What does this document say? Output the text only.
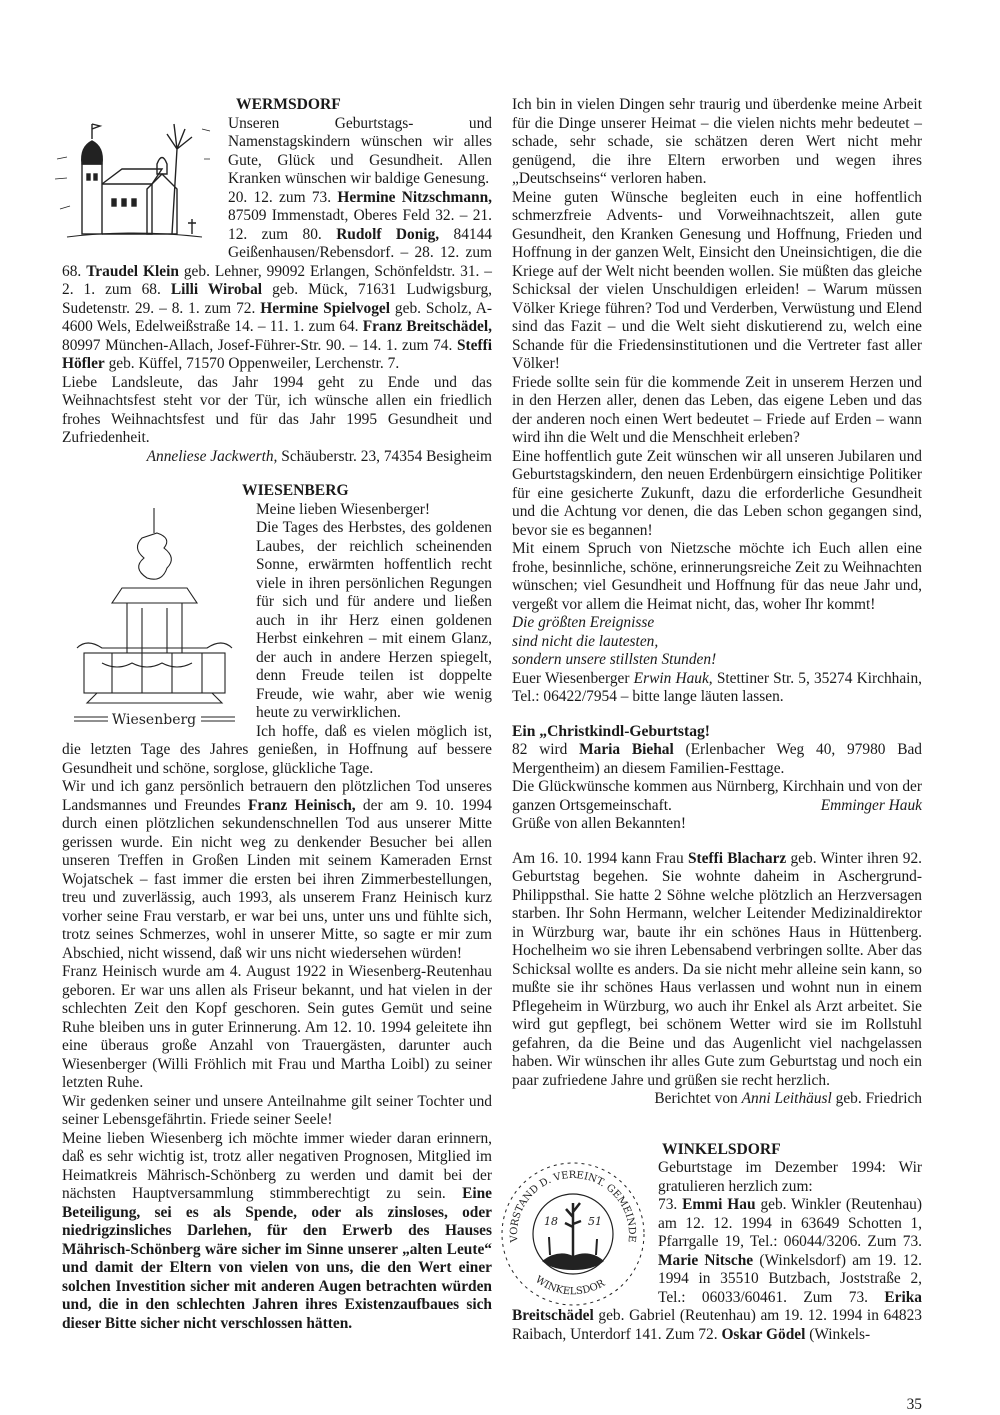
WERMSDORF

Unseren Geburtstags- und Namenstagskindern wünschen wir alles Gute, Glück und Gesundheit. Allen Kranken wünschen wir baldige Genesung.

20. 12. zum 73. Hermine Nitzschmann, 87509 Immenstadt, Oberes Feld 32. – 21. 12. zum 80. Rudolf Donig, 84144 Geißenhausen/Rebensdorf. – 28. 12. zum 68. Traudel Klein geb. Lehner, 99092 Erlangen, Schönfeldstr. 31. – 2. 1. zum 68. Lilli Wirobal geb. Mück, 71631 Ludwigsburg, Sudetenstr. 29. – 8. 1. zum 72. Hermine Spielvogel geb. Scholz, A-4600 Wels, Edelweißstraße 14. – 11. 1. zum 64. Franz Breitschädel, 80997 München-Allach, Josef-Führer-Str. 90. – 14. 1. zum 74. Steffi Höfler geb. Küffel, 71570 Oppenweiler, Lerchenstr. 7.

Liebe Landsleute, das Jahr 1994 geht zu Ende und das Weihnachtsfest steht vor der Tür, ich wünsche allen ein friedlich frohes Weihnachtsfest und für das Jahr 1995 Gesundheit und Zufriedenheit.

Anneliese Jackwerth, Schäuberstr. 23, 74354 Besigheim

WIESENBERG
Wiesenberg

Meine lieben Wiesenberger!

Die Tages des Herbstes, des goldenen Laubes, der reichlich scheinenden Sonne, erwärmten hoffentlich recht viele in ihren persönlichen Regungen für sich und für andere und ließen auch in ihr Herz einen goldenen Herbst einkehren – mit einem Glanz, der auch in andere Herzen spiegelt, denn Freude teilen ist doppelte Freude, wie wahr, aber wie wenig heute zu verwirklichen.

Ich hoffe, daß es vielen möglich ist, die letzten Tage des Jahres genießen, in Hoffnung auf bessere Gesundheit und schöne, sorglose, glückliche Tage.

Wir und ich ganz persönlich betrauern den plötzlichen Tod unseres Landsmannes und Freundes Franz Heinisch, der am 9. 10. 1994 durch einen plötzlichen sekundenschnellen Tod aus unserer Mitte gerissen wurde. Ein nicht weg zu denkender Besucher bei allen unseren Treffen in Großen Linden mit seinem Kameraden Ernst Wojatschek – fast immer die ersten bei ihren Zimmerbestellungen, treu und zuverlässig, auch 1993, als unserem Franz Heinisch kurz vorher seine Frau verstarb, er war bei uns, unter uns und fühlte sich, trotz seines Schmerzes, wohl in unserer Mitte, so sagte er mir zum Abschied, nicht wissend, daß wir uns nicht wiedersehen würden!

Franz Heinisch wurde am 4. August 1922 in Wiesenberg-Reutenhau geboren. Er war uns allen als Friseur bekannt, und hat vielen in der schlechten Zeit den Kopf geschoren. Sein gutes Gemüt und seine Ruhe bleiben uns in guter Erinnerung. Am 12. 10. 1994 geleitete ihn eine überaus große Anzahl von Trauergästen, darunter auch Wiesenberger (Willi Fröhlich mit Frau und Martha Loibl) zu seiner letzten Ruhe.

Wir gedenken seiner und unsere Anteilnahme gilt seiner Tochter und seiner Lebensgefährtin. Friede seiner Seele!

Meine lieben Wiesenberg ich möchte immer wieder daran erinnern, daß es sehr wichtig ist, trotz aller negativen Prognosen, Mitglied im Heimatkreis Mährisch-Schönberg zu werden und damit bei der nächsten Hauptversammlung stimmberechtigt zu sein. Eine Beteiligung, sei es als Spende, oder als zinsloses, oder niedrigzinsliches Darlehen, für den Erwerb des Hauses Mährisch-Schönberg wäre sicher im Sinne unserer „alten Leute“ und damit der Eltern von vielen von uns, die den Wert einer solchen Investition sicher mit anderen Augen betrachten würden und, die in den schlechten Jahren ihres Existenzaufbaues sich dieser Bitte sicher nicht verschlossen hätten.

Ich bin in vielen Dingen sehr traurig und überdenke meine Arbeit für die Dinge unserer Heimat – die vielen nichts mehr bedeutet – schade, sehr schade, sie schätzen deren Wert nicht mehr genügend, die ihre Eltern erworben und wegen ihres „Deutschseins“ verloren haben.

Meine guten Wünsche begleiten euch in eine hoffentlich schmerzfreie Advents- und Vorweihnachtszeit, allen gute Gesundheit, den Kranken Genesung und Hoffnung, Frieden und Hoffnung in der ganzen Welt, Einsicht den Uneinsichtigen, die die Kriege auf der Welt nicht beenden wollen. Sie müßten das gleiche Schicksal der vielen Unschuldigen erleiden! – Warum müssen Völker Kriege führen? Tod und Verderben, Verwüstung und Elend sind das Fazit – und die Welt sieht diskutierend zu, welch eine Schande für die Friedensinstitutionen und die Vertreter fast aller Völker!

Friede sollte sein für die kommende Zeit in unserem Herzen und in den Herzen aller, denen das Leben, das eigene Leben und das der anderen noch einen Wert bedeutet – Friede auf Erden – wann wird ihn die Welt und die Menschheit erleben?

Eine hoffentlich gute Zeit wünschen wir all unseren Jubilaren und Geburtstagskindern, den neuen Erdenbürgern einsichtige Politiker für eine gesicherte Zukunft, dazu die erforderliche Gesundheit und die Achtung vor denen, die das Leben schon gegangen sind, bevor sie es begannen!

Mit einem Spruch von Nietzsche möchte ich Euch allen eine frohe, besinnliche, schöne, erinnerungsreiche Zeit zu Weihnachten wünschen; viel Gesundheit und Hoffnung für das neue Jahr und, vergeßt vor allem die Heimat nicht, das, woher Ihr kommt!

Die größten Ereignisse

sind nicht die lautesten,

sondern unsere stillsten Stunden!

Euer Wiesenberger Erwin Hauk, Stettiner Str. 5, 35274 Kirchhain, Tel.: 06422/7954 – bitte lange läuten lassen.

Ein „Christkindl-Geburtstag!

82 wird Maria Biehal (Erlenbacher Weg 40, 97980 Bad Mergentheim) an diesem Familien-Festtage.

Die Glückwünsche kommen aus Nürnberg, Kirchhain und von der ganzen Ortsgemeinschaft.	Emminger Hauk

Grüße von allen Bekannten!

Am 16. 10. 1994 kann Frau Steffi Blacharz geb. Winter ihren 92. Geburtstag begehen. Sie wohnte daheim in Aschergrund-Philippsthal. Sie hatte 2 Söhne welche plötzlich an Herzversagen starben. Ihr Sohn Hermann, welcher Leitender Medizinaldirektor in Würzburg war, baute ihr ein schönes Haus in Hüttenberg. Hochelheim wo sie ihren Lebensabend verbringen sollte. Aber das Schicksal wollte es anders. Da sie nicht mehr alleine sein kann, so mußte sie ihr schönes Haus verlassen und wohnt nun in einem Pflegeheim in Würzburg, wo auch ihr Enkel als Arzt arbeitet. Sie wird gut gepflegt, bei schönem Wetter wird sie im Rollstuhl gefahren, da die Beine und das Augenlicht viel nachgelassen haben. Wir wünschen ihr alles Gute zum Geburtstag und noch ein paar zufriedene Jahre und grüßen sie recht herzlich.

Berichtet von Anni Leithäusl geb. Friedrich

WINKELSDORF
VORSTAND D. VEREINT. GEMEINDE
WINKELSDOR
18	51

Geburtstage im Dezember 1994: Wir gratulieren herzlich zum:

73. Emmi Hau geb. Winkler (Reutenhau) am 12. 12. 1994 in 63649 Schotten 1, Pfarrgalle 19, Tel.: 06044/3206. Zum 73. Marie Nitsche (Winkelsdorf) am 19. 12. 1994 in 35510 Butzbach, Joststraße 2, Tel.: 06033/60461. Zum 73. Erika Breitschädel geb. Gabriel (Reutenhau) am 19. 12. 1994 in 64823 Raibach, Unterdorf 141. Zum 72. Oskar Gödel (Winkels-

35
